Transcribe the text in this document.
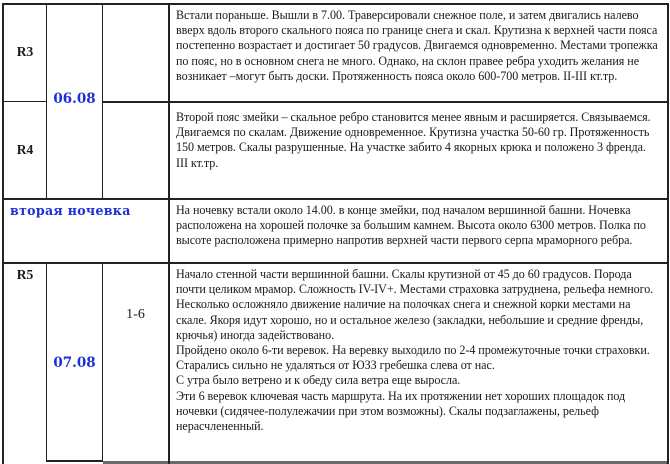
R3
06.08

Встали пораньше. Вышли в 7.00. Траверсировали снежное поле, и затем двигались налево вверх вдоль второго скального пояса по границе снега и скал. Крутизна к верхней части пояса постепенно возрастает и достигает 50 градусов. Двигаемся одновременно. Местами тропежка по пояс, но в основном снега не много. Однако, на склон правее ребра уходить желания не возникает –могут быть доски. Протяженность пояса около 600-700 метров. II-III кт.тр.

R4

Второй пояс змейки – скальное ребро становится менее явным и расширяется. Связываемся. Двигаемся по скалам. Движение одновременное. Крутизна участка 50-60 гр. Протяженность 150 метров. Скалы разрушенные. На участке забито 4 якорных крюка и положено 3 френда.

III кт.тр.

вторая ночевка	На ночевку встали около 14.00. в конце змейки, под началом вершинной башни. Ночевка расположена на хорошей полочке за большим камнем. Высота около 6300 метров. Полка по высоте расположена примерно напротив верхней части первого серпа мраморного ребра.

R5
07.08
1-6

Начало стенной части вершинной башни. Скалы крутизной от 45 до 60 градусов. Порода почти целиком мрамор. Сложность IV-IV+. Местами страховка затруднена, рельефа немного. Несколько осложняло движение наличие на полочках снега и снежной корки местами на скале. Якоря идут хорошо, но и остальное железо (закладки, небольшие и средние френды, крючья) иногда задействовано.

Пройдено около 6-ти веревок. На веревку выходило по 2-4 промежуточные точки страховки. Старались сильно не удаляться от ЮЗЗ гребешка слева от нас.

С утра было ветрено и к обеду сила ветра еще выросла.

Эти 6 веревок ключевая часть маршрута. На их протяжении нет хороших площадок под ночевки (сидячее-полулежачии при этом возможны). Скалы подзаглажены, рельеф нерасчлененный.
